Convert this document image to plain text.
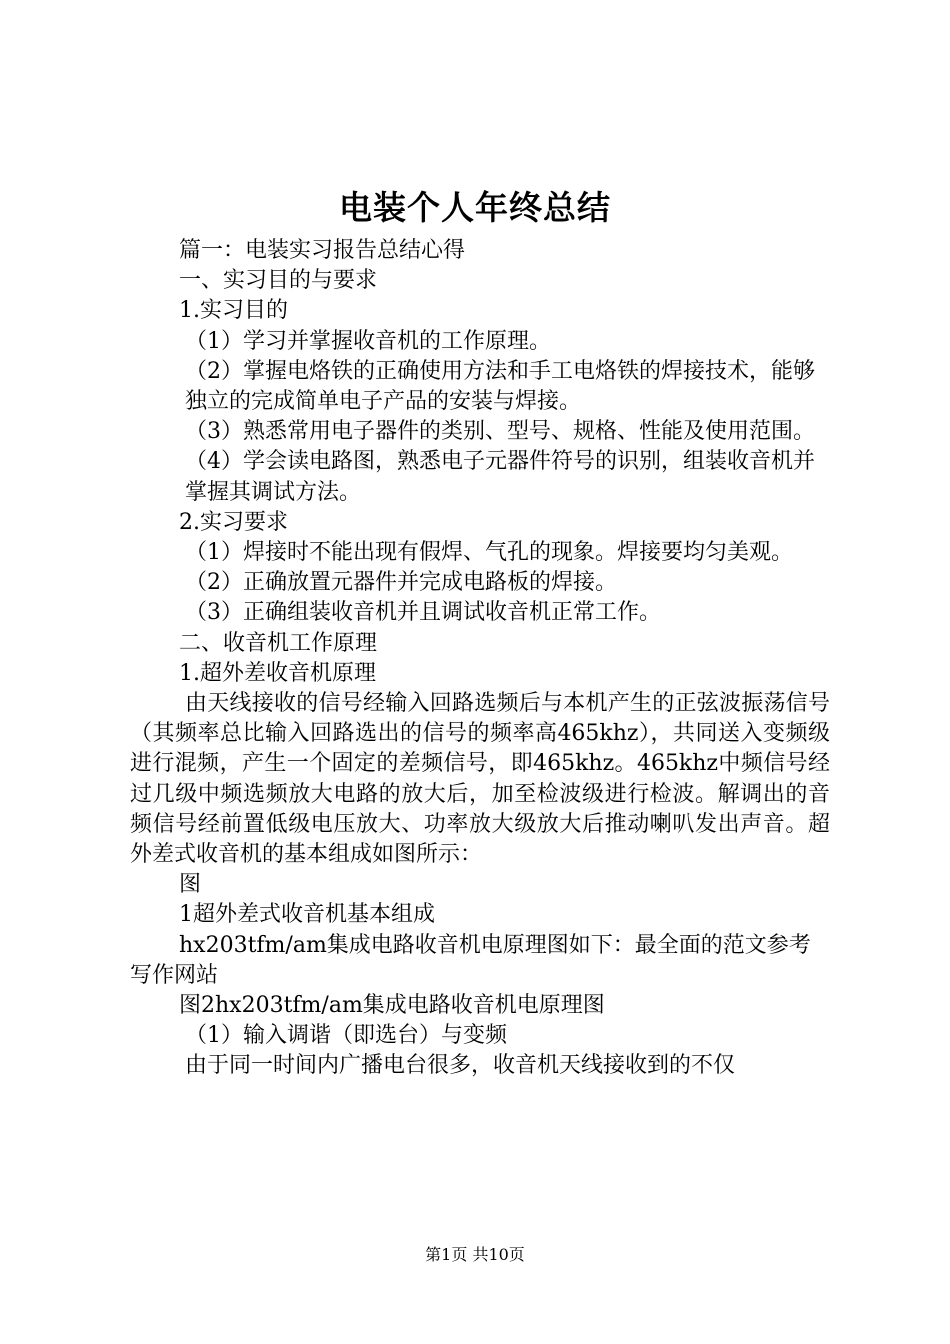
电装个人年终总结

篇一：电装实习报告总结心得

一、实习目的与要求

1.实习目的

（1）学习并掌握收音机的工作原理。

（2）掌握电烙铁的正确使用方法和手工电烙铁的焊接技术，能够独立的完成简单电子产品的安装与焊接。

（3）熟悉常用电子器件的类别、型号、规格、性能及使用范围。

（4）学会读电路图，熟悉电子元器件符号的识别，组装收音机并掌握其调试方法。

2.实习要求

（1）焊接时不能出现有假焊、气孔的现象。焊接要均匀美观。

（2）正确放置元器件并完成电路板的焊接。

（3）正确组装收音机并且调试收音机正常工作。

二、收音机工作原理

1.超外差收音机原理

由天线接收的信号经输入回路选频后与本机产生的正弦波振荡信号（其频率总比输入回路选出的信号的频率高465khz），共同送入变频级进行混频，产生一个固定的差频信号，即465khz。465khz中频信号经过几级中频选频放大电路的放大后，加至检波级进行检波。解调出的音频信号经前置低级电压放大、功率放大级放大后推动喇叭发出声音。超外差式收音机的基本组成如图所示：

图

1超外差式收音机基本组成

hx203tfm/am集成电路收音机电原理图如下：最全面的范文参考写作网站

图2hx203tfm/am集成电路收音机电原理图

（1）输入调谐（即选台）与变频

由于同一时间内广播电台很多，收音机天线接收到的不仅

第1页 共10页
